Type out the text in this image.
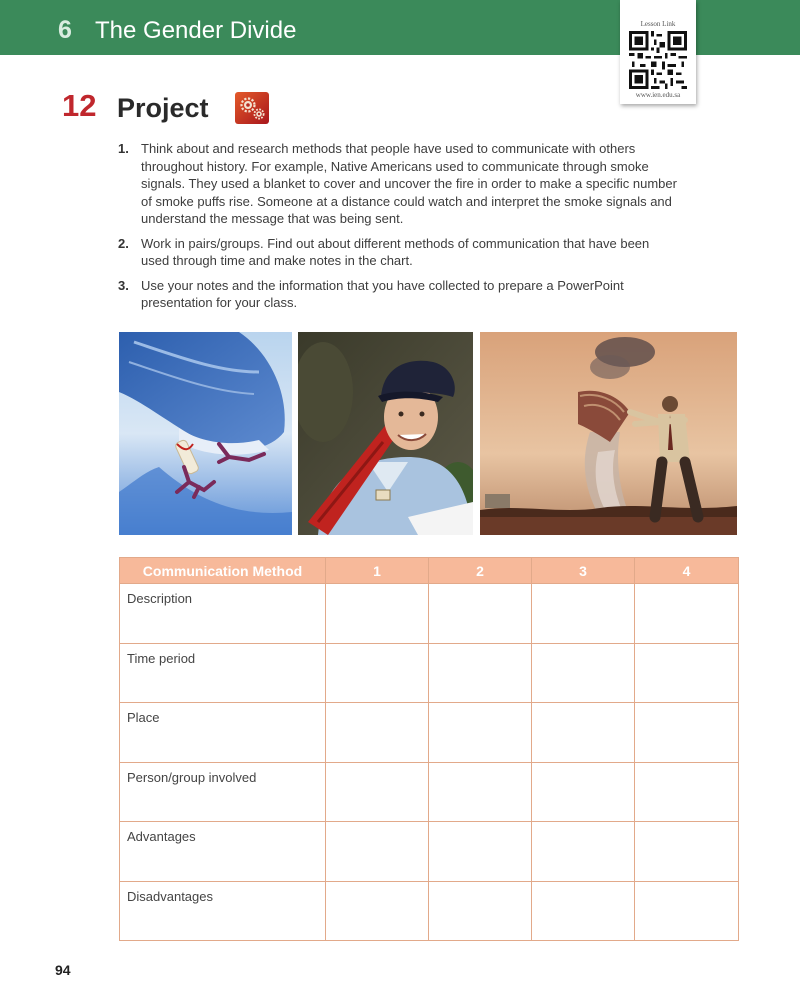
6 The Gender Divide	Lesson Link
www.ien.edu.sa
12 Project
1. Think about and research methods that people have used to communicate with others throughout history. For example, Native Americans used to communicate through smoke signals. They used a blanket to cover and uncover the fire in order to make a specific number of smoke puffs rise. Someone at a distance could watch and interpret the smoke signals and understand the message that was being sent.
2. Work in pairs/groups. Find out about different methods of communication that have been used through time and make notes in the chart.
3. Use your notes and the information that you have collected to prepare a PowerPoint presentation for your class.
Communication Method	1	2	3	4
Description				
Time period				
Place				
Person/group involved				
Advantages				
Disadvantages				
94
